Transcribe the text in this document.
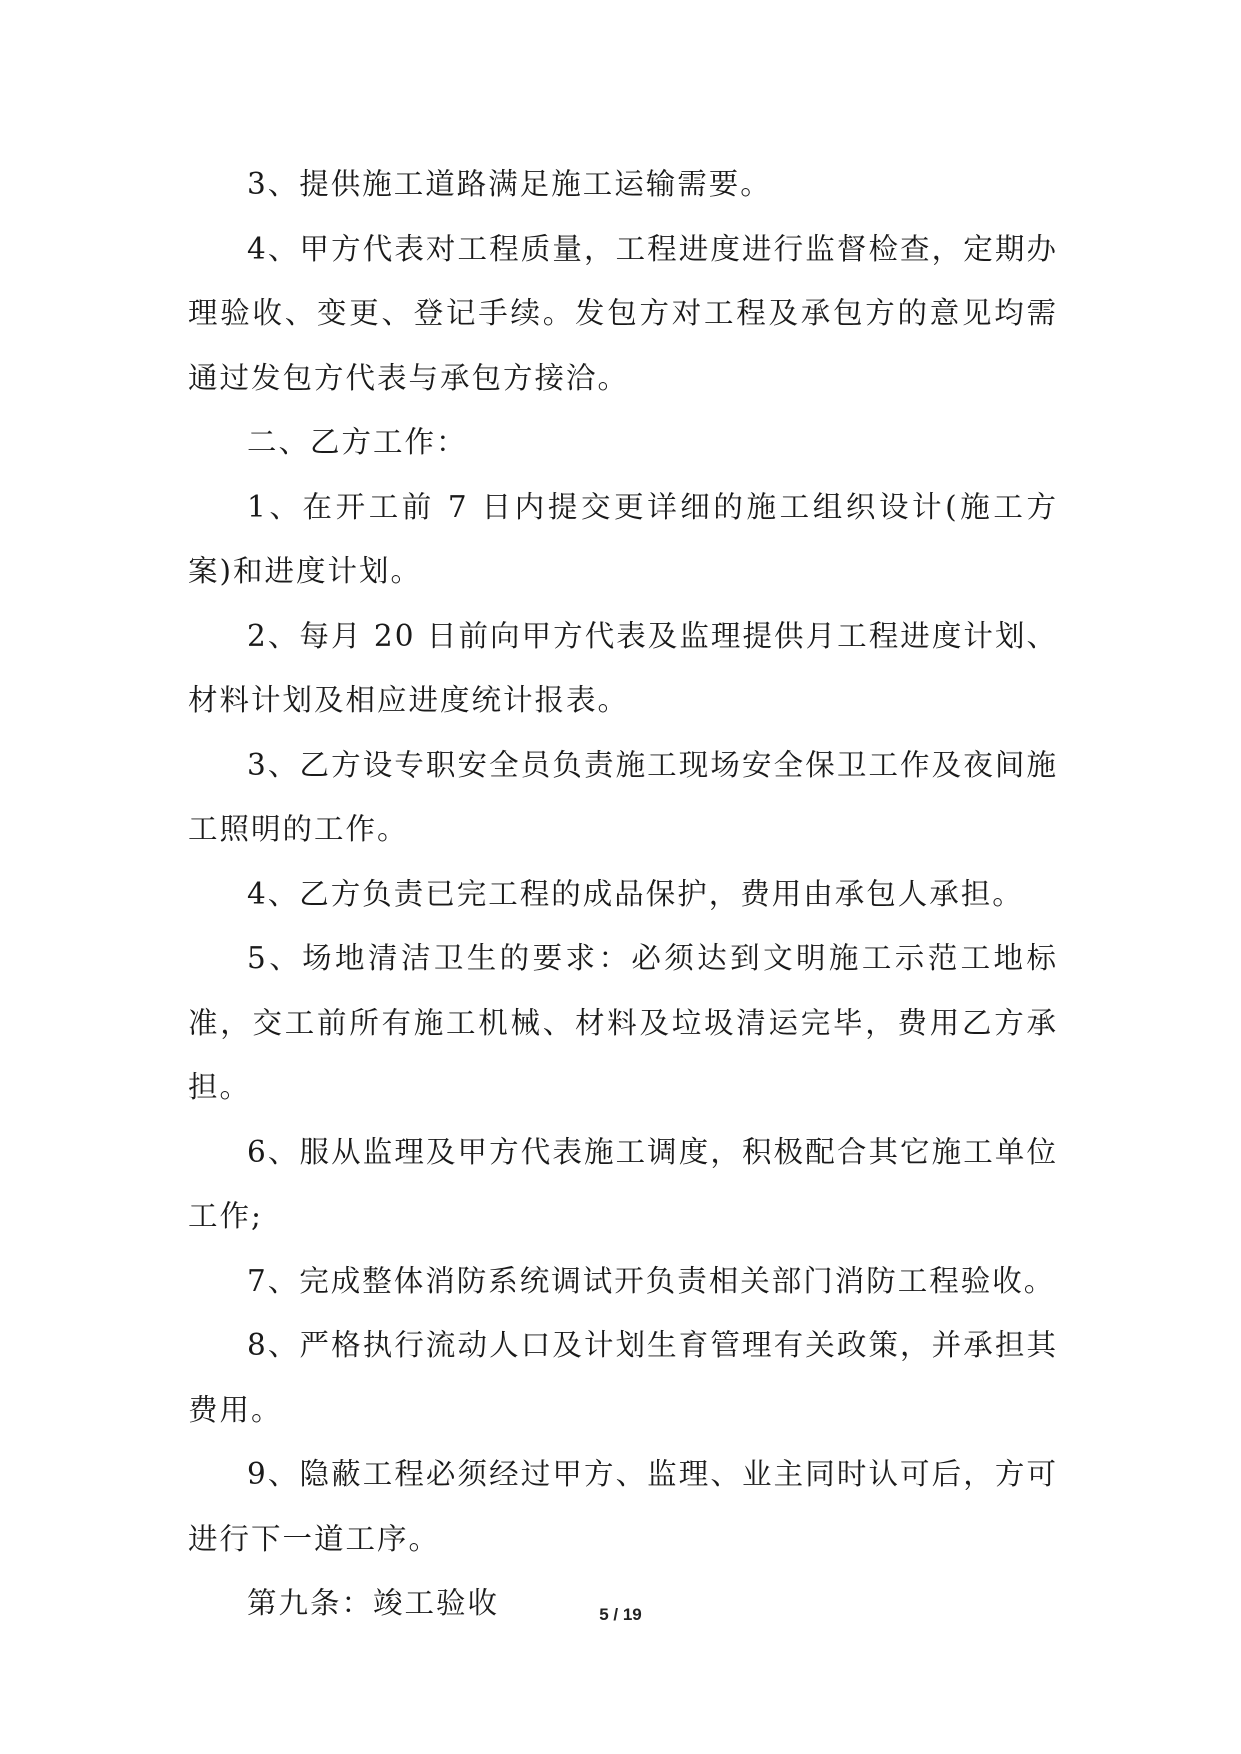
3、提供施工道路满足施工运输需要。

4、甲方代表对工程质量，工程进度进行监督检查，定期办理验收、变更、登记手续。发包方对工程及承包方的意见均需通过发包方代表与承包方接洽。

二、乙方工作：

1、在开工前 7 日内提交更详细的施工组织设计(施工方案)和进度计划。

2、每月 20 日前向甲方代表及监理提供月工程进度计划、材料计划及相应进度统计报表。

3、乙方设专职安全员负责施工现场安全保卫工作及夜间施工照明的工作。

4、乙方负责已完工程的成品保护，费用由承包人承担。

5、场地清洁卫生的要求：必须达到文明施工示范工地标准，交工前所有施工机械、材料及垃圾清运完毕，费用乙方承担。

6、服从监理及甲方代表施工调度，积极配合其它施工单位工作;

7、完成整体消防系统调试开负责相关部门消防工程验收。

8、严格执行流动人口及计划生育管理有关政策，并承担其费用。

9、隐蔽工程必须经过甲方、监理、业主同时认可后，方可进行下一道工序。

第九条：竣工验收	5 / 19
